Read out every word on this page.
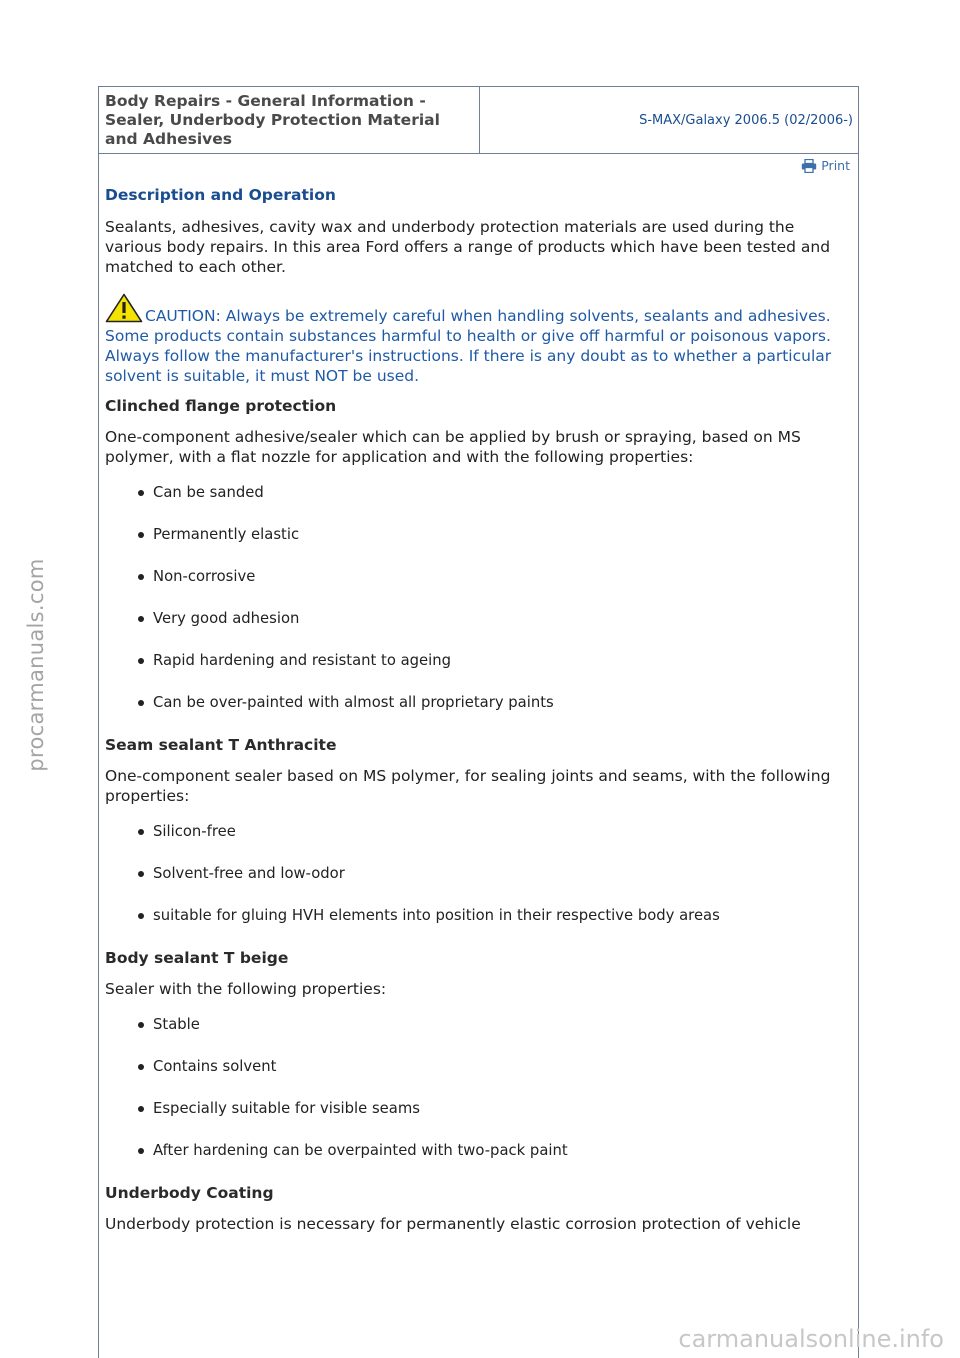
procarmanuals.com
Body Repairs - General Information - Sealer, Underbody Protection Material and Adhesives
S-MAX/Galaxy 2006.5 (02/2006-)
Print
Description and Operation

Sealants, adhesives, cavity wax and underbody protection materials are used during the various body repairs. In this area Ford offers a range of products which have been tested and matched to each other.

CAUTION: Always be extremely careful when handling solvents, sealants and adhesives. Some products contain substances harmful to health or give off harmful or poisonous vapors. Always follow the manufacturer's instructions. If there is any doubt as to whether a particular solvent is suitable, it must NOT be used.
Clinched flange protection

One-component adhesive/sealer which can be applied by brush or spraying, based on MS polymer, with a flat nozzle for application and with the following properties:

Can be sanded
Permanently elastic
Non-corrosive
Very good adhesion
Rapid hardening and resistant to ageing
Can be over-painted with almost all proprietary paints
Seam sealant T Anthracite

One-component sealer based on MS polymer, for sealing joints and seams, with the following properties:

Silicon-free
Solvent-free and low-odor
suitable for gluing HVH elements into position in their respective body areas
Body sealant T beige

Sealer with the following properties:

Stable
Contains solvent
Especially suitable for visible seams
After hardening can be overpainted with two-pack paint
Underbody Coating

Underbody protection is necessary for permanently elastic corrosion protection of vehicle

carmanualsonline.info
